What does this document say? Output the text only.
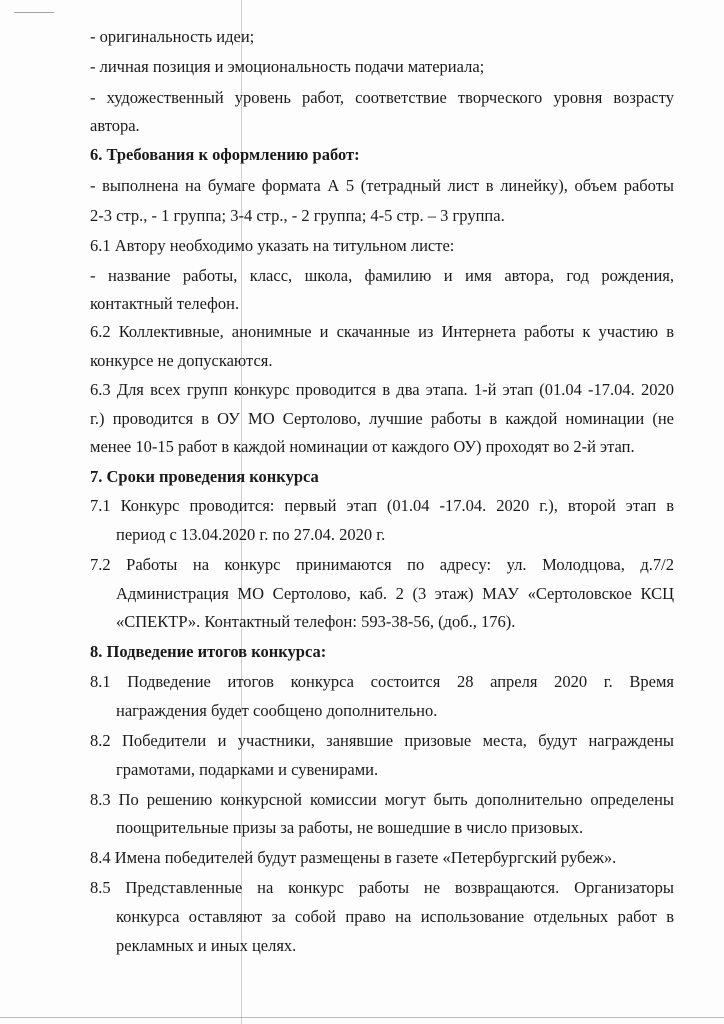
- оригинальность идеи;
- личная позиция и эмоциональность подачи материала;
- художественный уровень работ, соответствие творческого уровня возрасту
автора.
6. Требования к оформлению работ:
- выполнена на бумаге формата А 5 (тетрадный лист в линейку), объем работы
2-3 стр., - 1 группа; 3-4 стр., - 2 группа; 4-5 стр. – 3 группа.
6.1 Автору необходимо указать на титульном листе:
- название работы, класс, школа, фамилию и имя автора, год рождения,
контактный телефон.
6.2 Коллективные, анонимные и скачанные из Интернета работы к участию в
конкурсе не допускаются.
6.3 Для всех групп конкурс проводится в два этапа. 1-й этап (01.04 -17.04. 2020
г.) проводится в ОУ МО Сертолово, лучшие работы в каждой номинации (не
менее 10-15 работ в каждой номинации от каждого ОУ) проходят во 2-й этап.
7. Сроки проведения конкурса
7.1 Конкурс проводится: первый этап (01.04 -17.04. 2020 г.), второй этап в
период с 13.04.2020 г. по 27.04. 2020 г.
7.2 Работы на конкурс принимаются по адресу: ул. Молодцова, д.7/2
Администрация МО Сертолово, каб. 2 (3 этаж) МАУ «Сертоловское КСЦ
«СПЕКТР». Контактный телефон: 593-38-56, (доб., 176).
8. Подведение итогов конкурса:
8.1 Подведение итогов конкурса состоится 28 апреля 2020 г. Время
награждения будет сообщено дополнительно.
8.2 Победители и участники, занявшие призовые места, будут награждены
грамотами, подарками и сувенирами.
8.3 По решению конкурсной комиссии могут быть дополнительно определены
поощрительные призы за работы, не вошедшие в число призовых.
8.4 Имена победителей будут размещены в газете «Петербургский рубеж».
8.5 Представленные на конкурс работы не возвращаются. Организаторы
конкурса оставляют за собой право на использование отдельных работ в
рекламных и иных целях.
